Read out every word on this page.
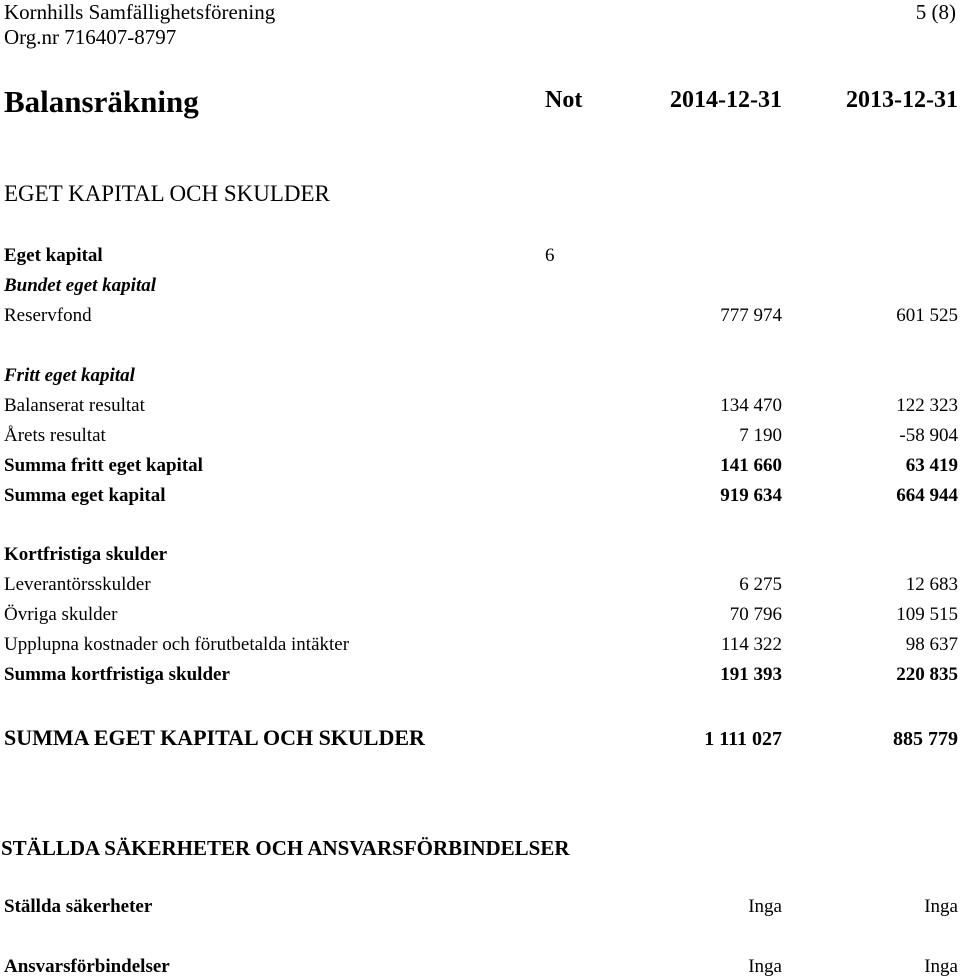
Kornhills Samfällighetsförening
Org.nr 716407-8797
5 (8)
Balansräkning	Not	2014-12-31	2013-12-31
EGET KAPITAL OCH SKULDER
Eget kapital	6
Bundet eget kapital
Reservfond	777 974	601 525
Fritt eget kapital
Balanserat resultat	134 470	122 323
Årets resultat	7 190	-58 904
Summa fritt eget kapital	141 660	63 419
Summa eget kapital	919 634	664 944
Kortfristiga skulder
Leverantörsskulder	6 275	12 683
Övriga skulder	70 796	109 515
Upplupna kostnader och förutbetalda intäkter	114 322	98 637
Summa kortfristiga skulder	191 393	220 835
SUMMA EGET KAPITAL OCH SKULDER	1 111 027	885 779
STÄLLDA SÄKERHETER OCH ANSVARSFÖRBINDELSER
Ställda säkerheter	Inga	Inga
Ansvarsförbindelser	Inga	Inga
